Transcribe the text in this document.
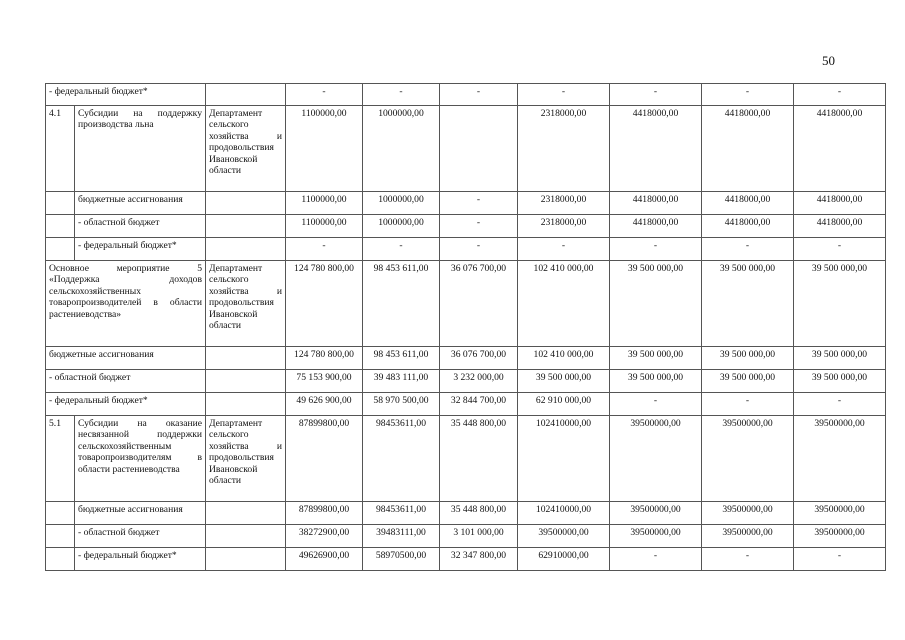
50
- федеральный бюджет*			-	-	-	-	-	-	-
4.1	Субсидии на поддержку производства льна	Департамент сельского хозяйства и продовольствия Ивановской области	1100000,00	1000000,00		2318000,00	4418000,00	4418000,00	4418000,00
	бюджетные ассигнования		1100000,00	1000000,00	-	2318000,00	4418000,00	4418000,00	4418000,00
	- областной бюджет		1100000,00	1000000,00	-	2318000,00	4418000,00	4418000,00	4418000,00
	- федеральный бюджет*		-	-	-	-	-	-	-
Основное мероприятие 5 «Поддержка доходов сельскохозяйственных товаропроизводителей в области растениеводства»		Департамент сельского хозяйства и продовольствия Ивановской области	124 780 800,00	98 453 611,00	36 076 700,00	102 410 000,00	39 500 000,00	39 500 000,00	39 500 000,00
бюджетные ассигнования			124 780 800,00	98 453 611,00	36 076 700,00	102 410 000,00	39 500 000,00	39 500 000,00	39 500 000,00
- областной бюджет			75 153 900,00	39 483 111,00	3 232 000,00	39 500 000,00	39 500 000,00	39 500 000,00	39 500 000,00
- федеральный бюджет*			49 626 900,00	58 970 500,00	32 844 700,00	62 910 000,00	-	-	-
5.1	Субсидии на оказание несвязанной поддержки сельскохозяйственным товаропроизводителям в области растениеводства	Департамент сельского хозяйства и продовольствия Ивановской области	87899800,00	98453611,00	35 448 800,00	102410000,00	39500000,00	39500000,00	39500000,00
	бюджетные ассигнования		87899800,00	98453611,00	35 448 800,00	102410000,00	39500000,00	39500000,00	39500000,00
	- областной бюджет		38272900,00	39483111,00	3 101 000,00	39500000,00	39500000,00	39500000,00	39500000,00
	- федеральный бюджет*		49626900,00	58970500,00	32 347 800,00	62910000,00	-	-	-
